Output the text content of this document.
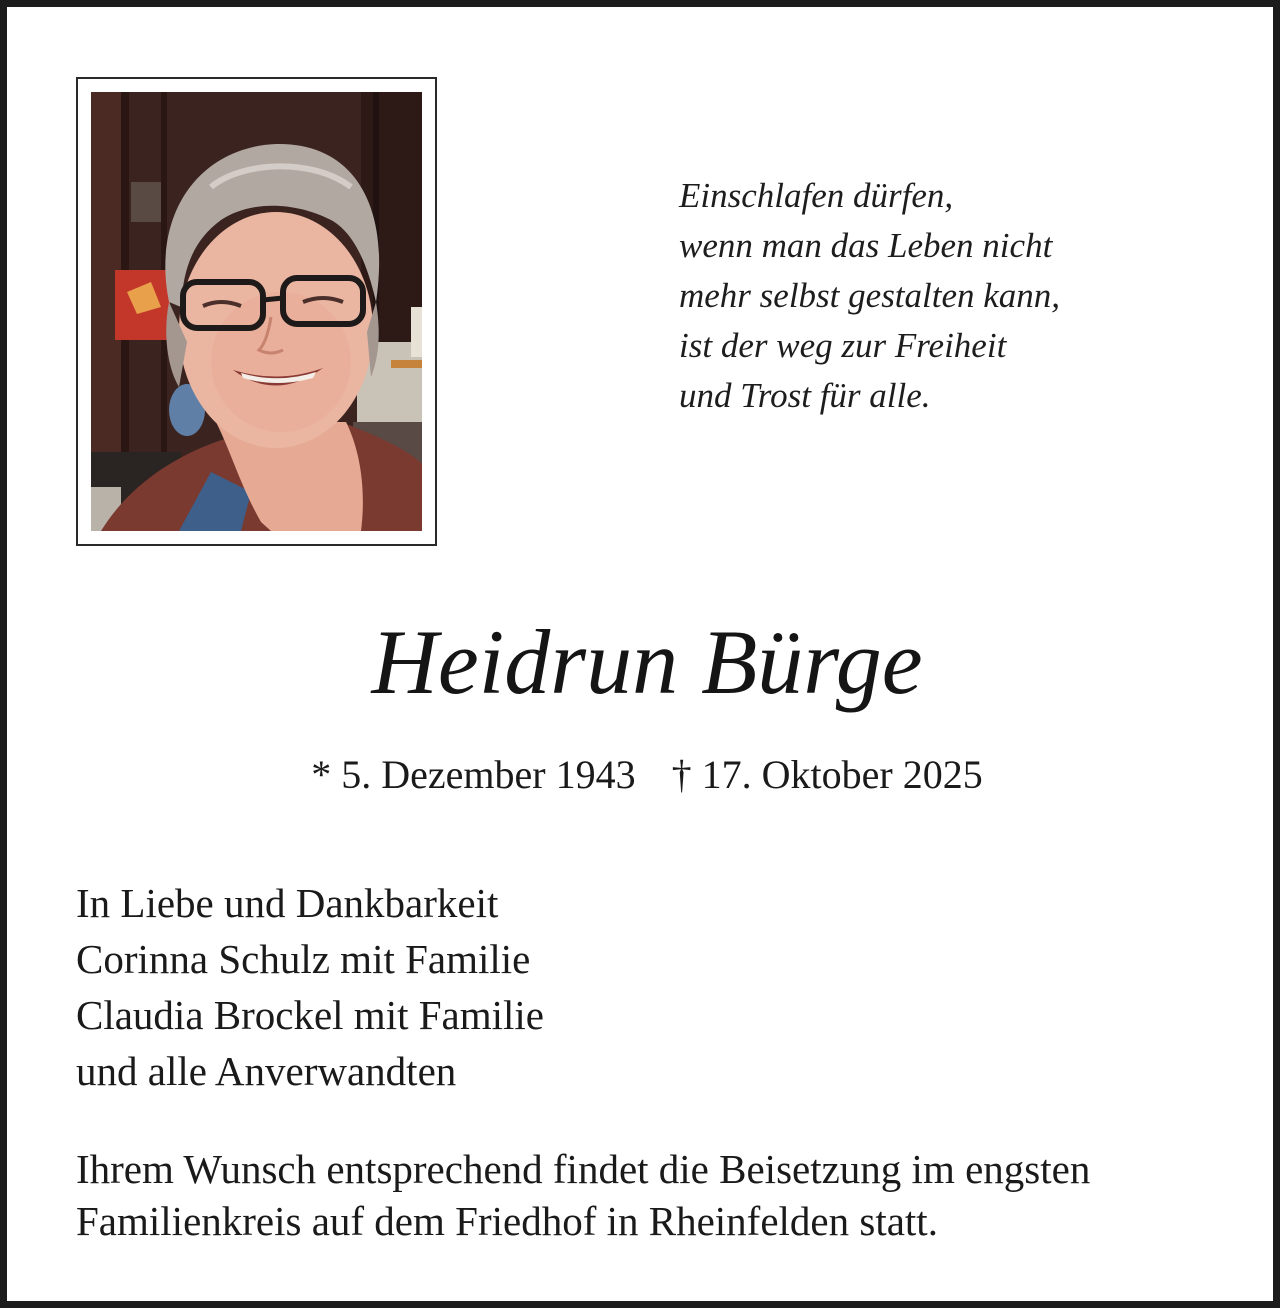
Einschlafen dürfen,
wenn man das Leben nicht
mehr selbst gestalten kann,
ist der weg zur Freiheit
und Trost für alle.
Heidrun Bürge
* 5. Dezember 1943 † 17. Oktober 2025
In Liebe und Dankbarkeit
Corinna Schulz mit Familie
Claudia Brockel mit Familie
und alle Anverwandten
Ihrem Wunsch entsprechend findet die Beisetzung im engsten
Familienkreis auf dem Friedhof in Rheinfelden statt.
